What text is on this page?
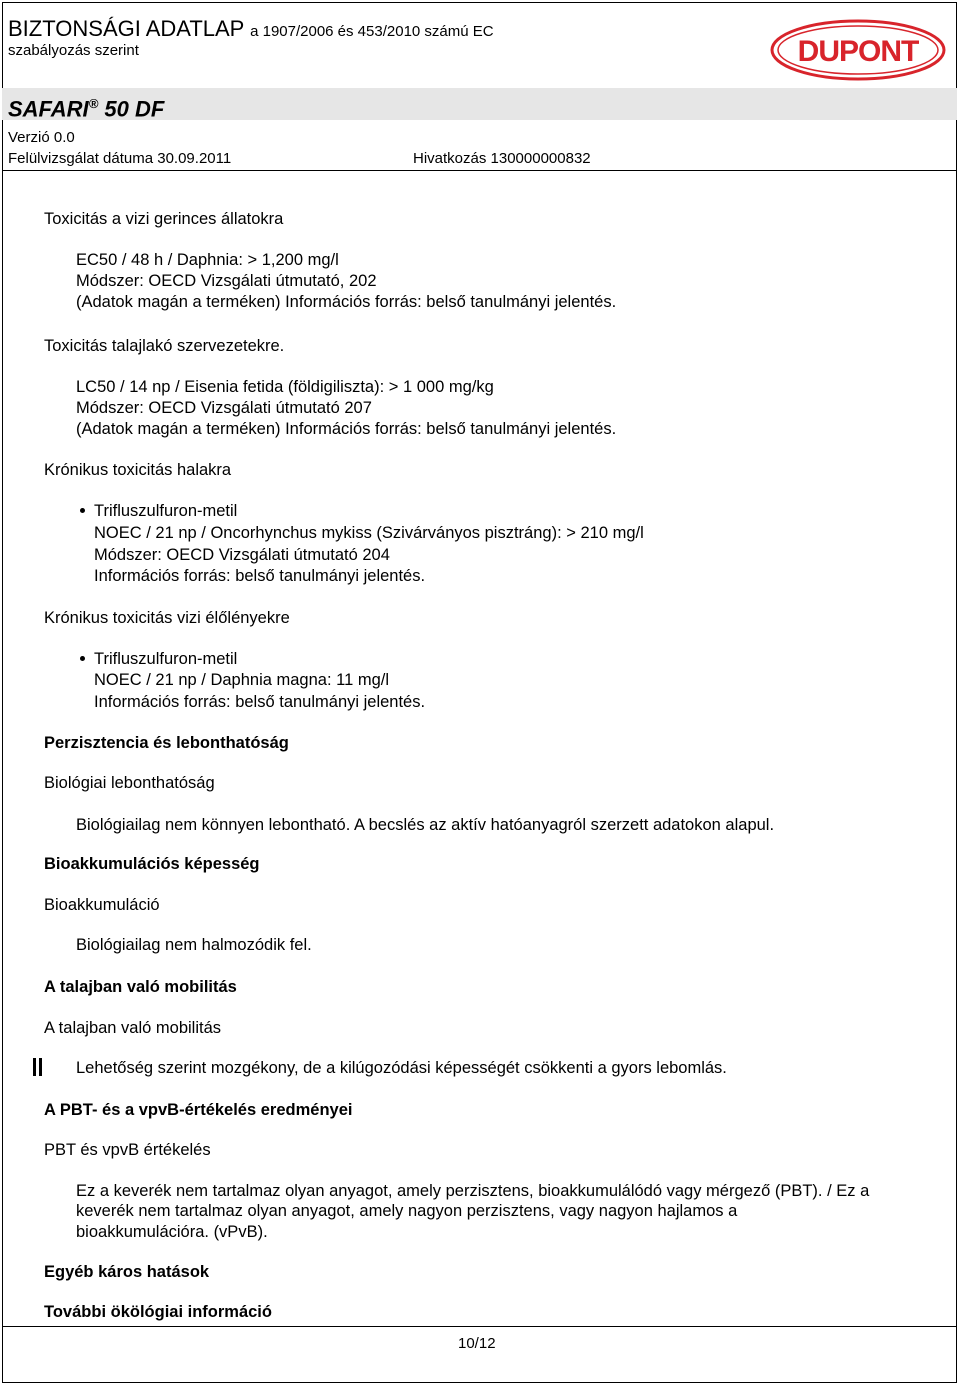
BIZTONSÁGI ADATLAP a 1907/2006 és 453/2010 számú EC
szabályozás szerint
SAFARI® 50 DF
Verzió 0.0
Felülvizsgálat dátuma 30.09.2011	Hivatkozás 130000000832
DUPONT
Toxicitás a vizi gerinces állatokra
EC50 / 48 h / Daphnia: > 1,200 mg/l
Módszer: OECD Vizsgálati útmutató, 202
(Adatok magán a terméken) Információs forrás: belső tanulmányi jelentés.
Toxicitás talajlakó szervezetekre.
LC50 / 14 np / Eisenia fetida (földigiliszta): > 1 000 mg/kg
Módszer: OECD Vizsgálati útmutató 207
(Adatok magán a terméken) Információs forrás: belső tanulmányi jelentés.
Krónikus toxicitás halakra
Trifluszulfuron-metil
NOEC / 21 np / Oncorhynchus mykiss (Szivárványos pisztráng): > 210 mg/l
Módszer: OECD Vizsgálati útmutató 204
Információs forrás: belső tanulmányi jelentés.
Krónikus toxicitás vizi élőlényekre
Trifluszulfuron-metil
NOEC / 21 np / Daphnia magna: 11 mg/l
Információs forrás: belső tanulmányi jelentés.
Perzisztencia és lebonthatóság
Biológiai lebonthatóság
Biológiailag nem könnyen lebontható. A becslés az aktív hatóanyagról szerzett adatokon alapul.
Bioakkumulációs képesség
Bioakkumuláció
Biológiailag nem halmozódik fel.
A talajban való mobilitás
A talajban való mobilitás
Lehetőség szerint mozgékony, de a kilúgozódási képességét csökkenti a gyors lebomlás.
A PBT- és a vpvB-értékelés eredményei
PBT és vpvB értékelés
Ez a keverék nem tartalmaz olyan anyagot, amely perzisztens, bioakkumulálódó vagy mérgező (PBT). / Ez a
keverék nem tartalmaz olyan anyagot, amely nagyon perzisztens, vagy nagyon hajlamos a
bioakkumulációra. (vPvB).
Egyéb káros hatások
További ökölógiai információ
10/12
